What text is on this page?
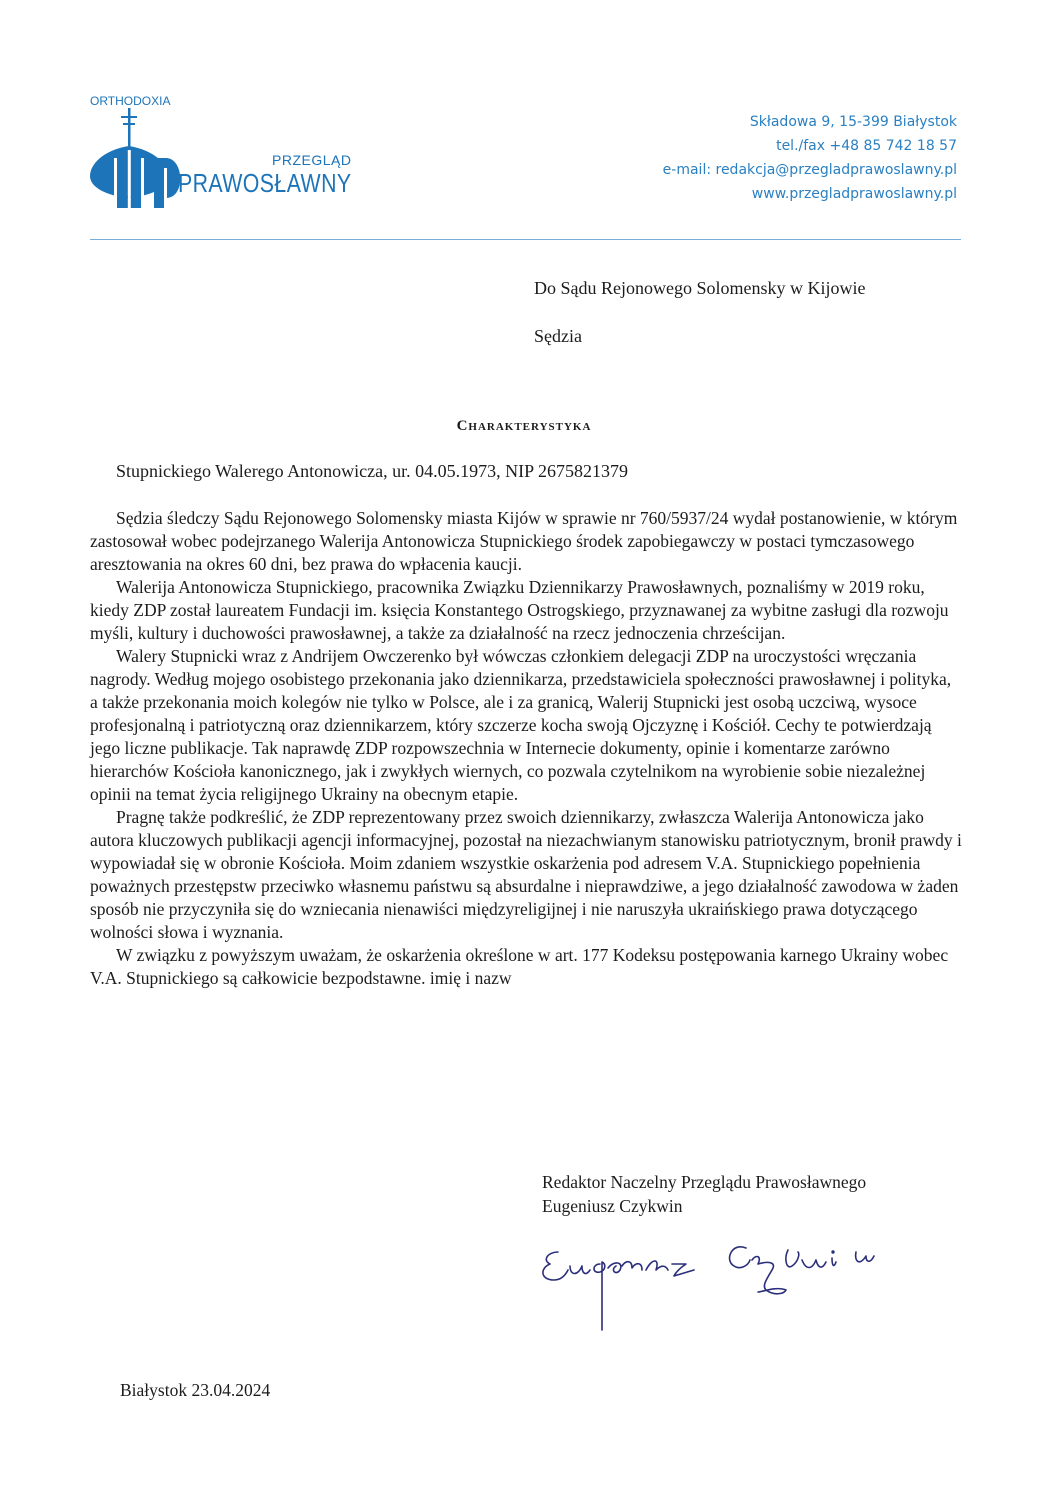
ORTHODOXIA
PRZEGLĄD
PRAWOSŁAWNY
Składowa 9, 15-399 Białystok
tel./fax +48 85 742 18 57
e-mail: redakcja@przegladprawoslawny.pl
www.przegladprawoslawny.pl
Do Sądu Rejonowego Solomensky w Kijowie
Sędzia
Charakterystyka
Stupnickiego Walerego Antonowicza, ur. 04.05.1973, NIP 2675821379

Sędzia śledczy Sądu Rejonowego Solomensky miasta Kijów w sprawie nr 760/5937/24 wydał postanowienie, w którym zastosował wobec podejrzanego Walerija Antonowicza Stupnickiego środek zapobiegawczy w postaci tymczasowego aresztowania na okres 60 dni, bez prawa do wpłacenia kaucji.

Walerija Antonowicza Stupnickiego, pracownika Związku Dziennikarzy Prawosławnych, poznaliśmy w 2019 roku, kiedy ZDP został laureatem Fundacji im. księcia Konstantego Ostrogskiego, przyznawanej za wybitne zasługi dla rozwoju myśli, kultury i duchowości prawosławnej, a także za działalność na rzecz jednoczenia chrześcijan.

Walery Stupnicki wraz z Andrijem Owczerenko był wówczas członkiem delegacji ZDP na uroczystości wręczania nagrody. Według mojego osobistego przekonania jako dziennikarza, przedstawiciela społeczności prawosławnej i polityka, a także przekonania moich kolegów nie tylko w Polsce, ale i za granicą, Walerij Stupnicki jest osobą uczciwą, wysoce profesjonalną i patriotyczną oraz dziennikarzem, który szczerze kocha swoją Ojczyznę i Kościół. Cechy te potwierdzają jego liczne publikacje. Tak naprawdę ZDP rozpowszechnia w Internecie dokumenty, opinie i komentarze zarówno hierarchów Kościoła kanonicznego, jak i zwykłych wiernych, co pozwala czytelnikom na wyrobienie sobie niezależnej opinii na temat życia religijnego Ukrainy na obecnym etapie.

Pragnę także podkreślić, że ZDP reprezentowany przez swoich dziennikarzy, zwłaszcza Walerija Antonowicza jako autora kluczowych publikacji agencji informacyjnej, pozostał na niezachwianym stanowisku patriotycznym, bronił prawdy i wypowiadał się w obronie Kościoła. Moim zdaniem wszystkie oskarżenia pod adresem V.A. Stupnickiego popełnienia poważnych przestępstw przeciwko własnemu państwu są absurdalne i nieprawdziwe, a jego działalność zawodowa w żaden sposób nie przyczyniła się do wzniecania nienawiści międzyreligijnej i nie naruszyła ukraińskiego prawa dotyczącego wolności słowa i wyznania.

W związku z powyższym uważam, że oskarżenia określone w art. 177 Kodeksu postępowania karnego Ukrainy wobec V.A. Stupnickiego są całkowicie bezpodstawne. imię i nazw

Redaktor Naczelny Przeglądu Prawosławnego
Eugeniusz Czykwin
Białystok 23.04.2024
